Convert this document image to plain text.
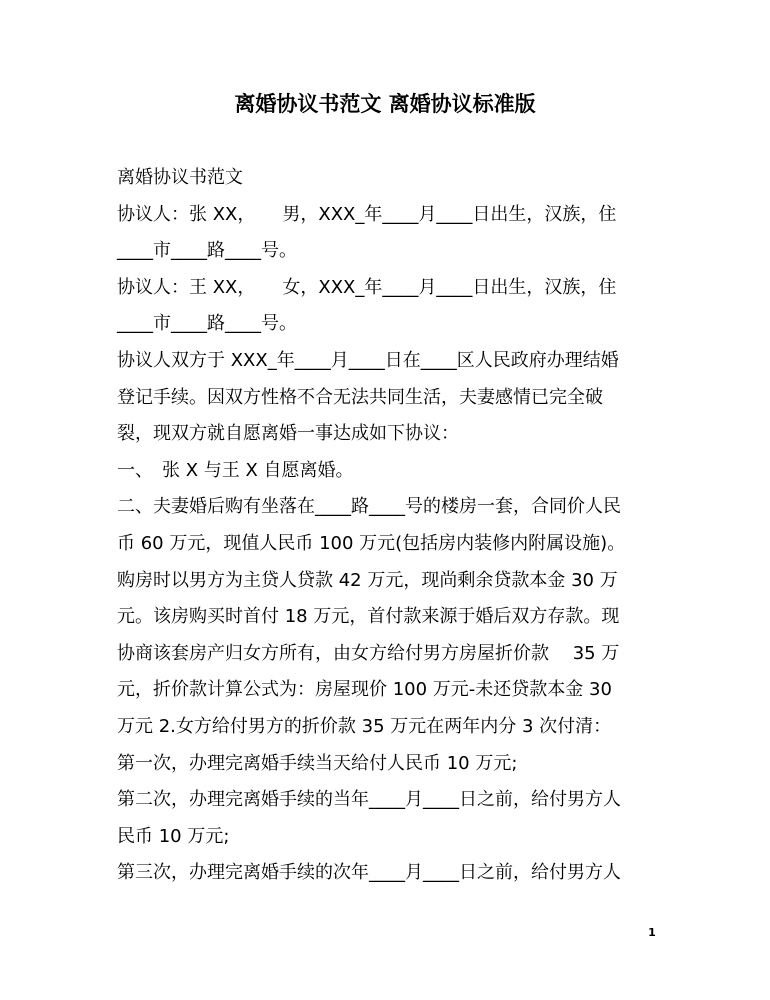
离婚协议书范文 离婚协议标准版
离婚协议书范文
协议人：张 XX，　　男，XXX_年____月____日出生，汉族，住
____市____路____号。
协议人：王 XX，　　女，XXX_年____月____日出生，汉族，住
____市____路____号。
协议人双方于 XXX_年____月____日在____区人民政府办理结婚
登记手续。因双方性格不合无法共同生活，夫妻感情已完全破
裂，现双方就自愿离婚一事达成如下协议：
一、　张 X 与王 X 自愿离婚。
二、夫妻婚后购有坐落在____路____号的楼房一套，合同价人民
币 60 万元，现值人民币 100 万元(包括房内装修内附属设施)。
购房时以男方为主贷人贷款 42 万元，现尚剩余贷款本金 30 万
元。该房购买时首付 18 万元，首付款来源于婚后双方存款。现
协商该套房产归女方所有，由女方给付男方房屋折价款　 35 万
元，折价款计算公式为：房屋现价 100 万元-未还贷款本金 30
万元 2.女方给付男方的折价款 35 万元在两年内分 3 次付清：
第一次，办理完离婚手续当天给付人民币 10 万元;
第二次，办理完离婚手续的当年____月____日之前，给付男方人
民币 10 万元;
第三次，办理完离婚手续的次年____月____日之前，给付男方人
1
